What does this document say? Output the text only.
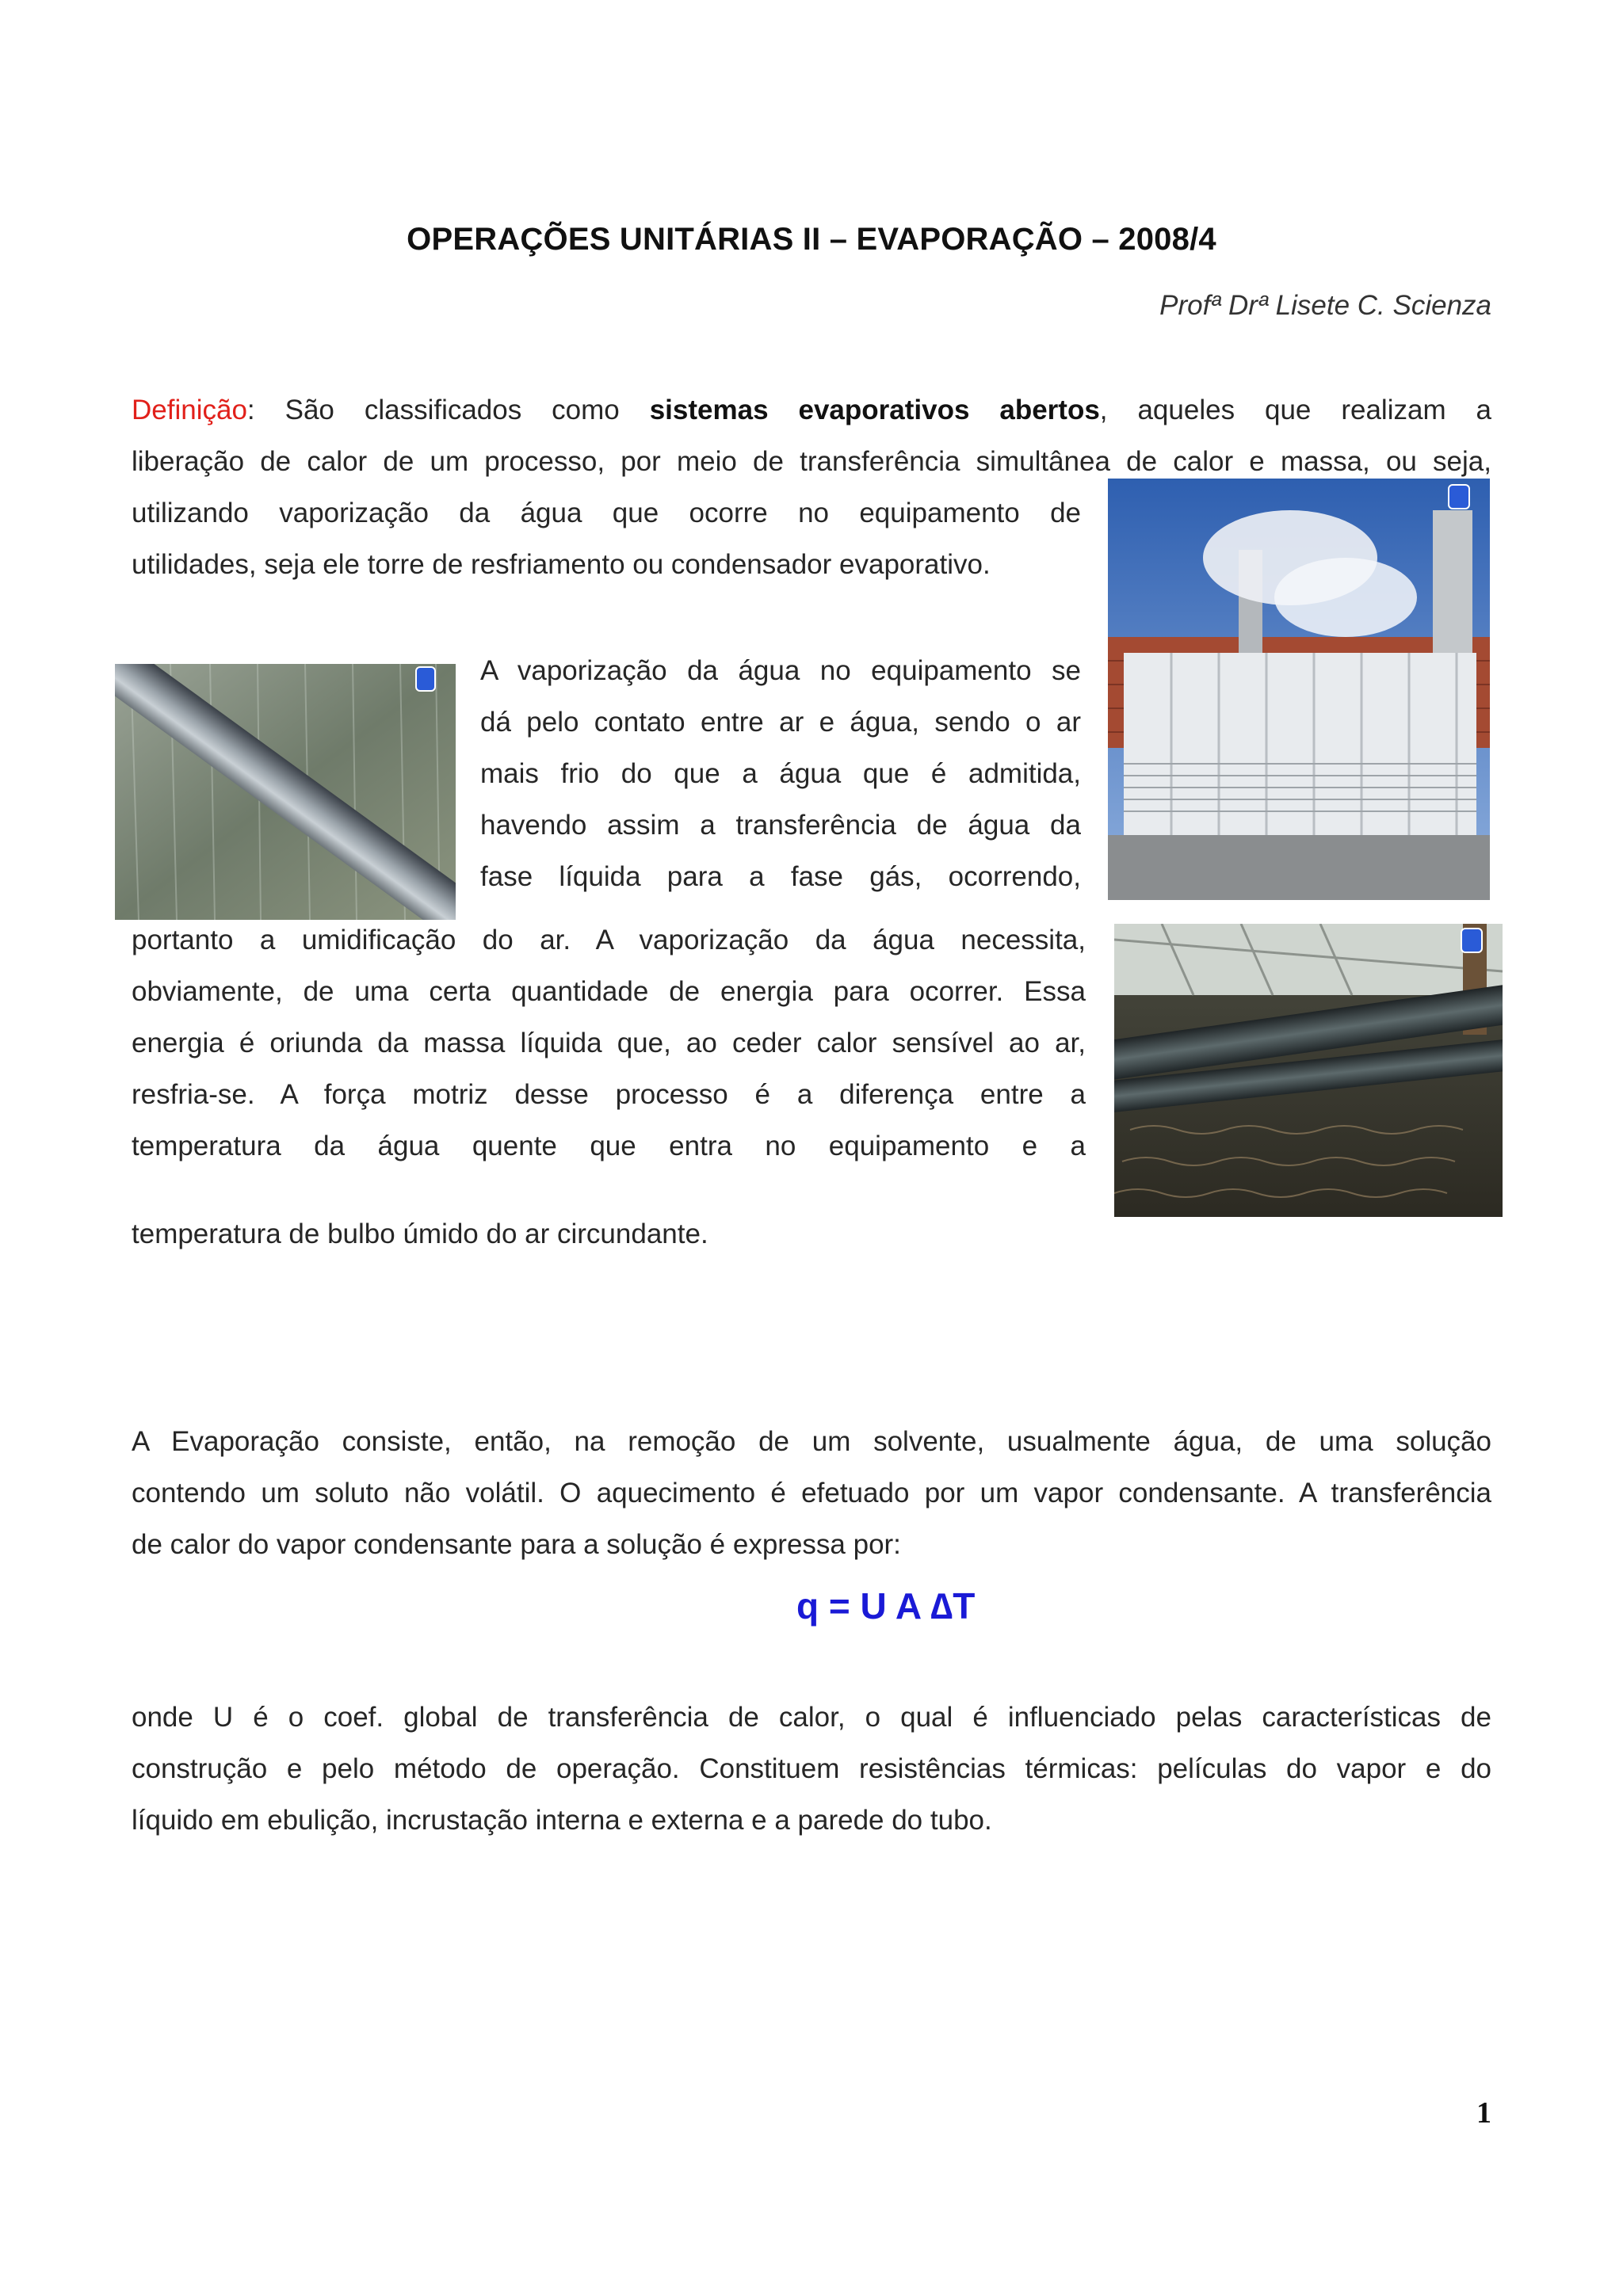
OPERAÇÕES UNITÁRIAS II – EVAPORAÇÃO – 2008/4
Profª Drª Lisete C. Scienza
Definição: São classificados como sistemas evaporativos abertos, aqueles que realizam a
liberação de calor de um processo, por meio de transferência simultânea de calor e massa, ou seja,
utilizando vaporização da água que ocorre no equipamento de
utilidades, seja ele torre de resfriamento ou condensador evaporativo.
A vaporização da água no equipamento se
dá pelo contato entre ar e água, sendo o ar
mais frio do que a água que é admitida,
havendo assim a transferência de água da
fase líquida para a fase gás, ocorrendo,
portanto a umidificação do ar. A vaporização da água necessita,
obviamente, de uma certa quantidade de energia para ocorrer. Essa
energia é oriunda da massa líquida que, ao ceder calor sensível ao ar,
resfria-se. A força motriz desse processo é a diferença entre a
temperatura da água quente que entra no equipamento e a
temperatura de bulbo úmido do ar circundante.
A Evaporação consiste, então, na remoção de um solvente, usualmente água, de uma solução
contendo um soluto não volátil. O aquecimento é efetuado por um vapor condensante. A transferência
de calor do vapor condensante para a solução é expressa por:
q = U A ∆T
onde U é o coef. global de transferência de calor, o qual é influenciado pelas características de
construção e pelo método de operação. Constituem resistências térmicas: películas do vapor e do
líquido em ebulição, incrustação interna e externa e a parede do tubo.
1
